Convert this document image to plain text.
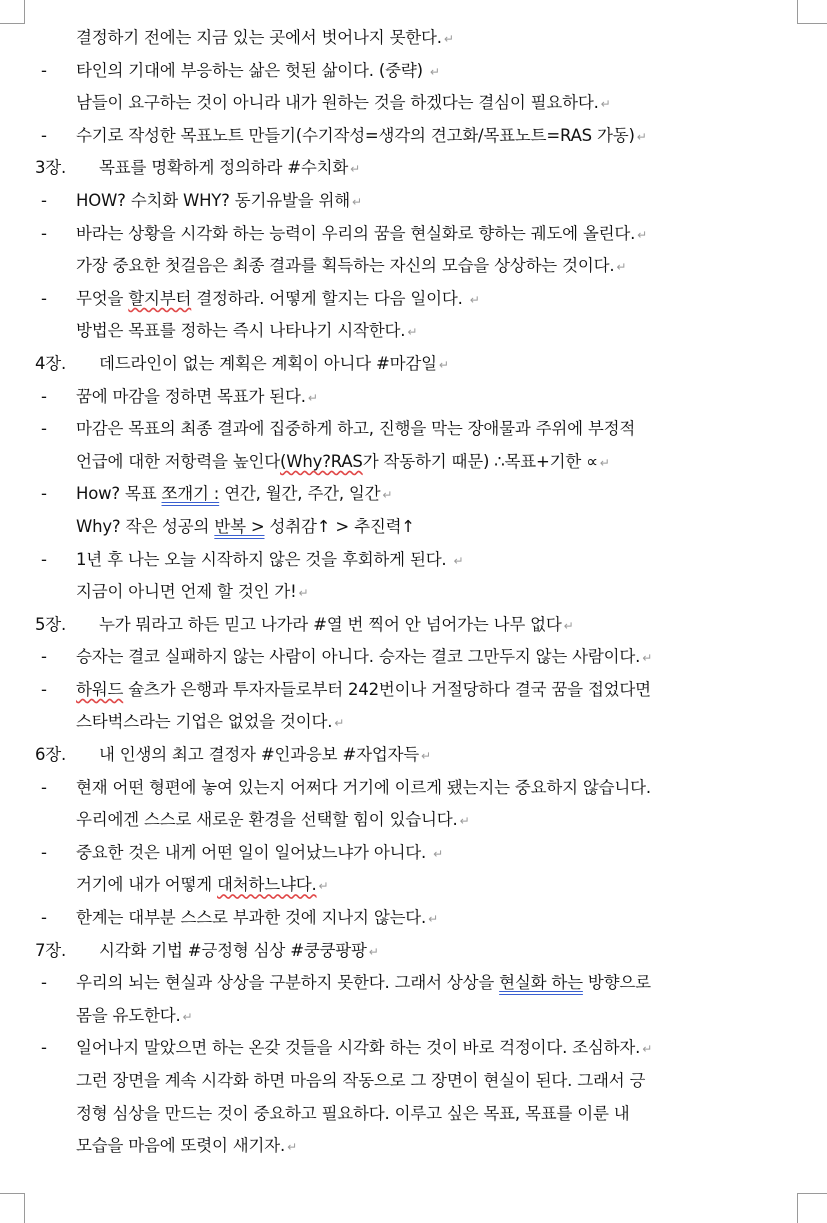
결정하기 전에는 지금 있는 곳에서 벗어나지 못한다. ↵
- 타인의 기대에 부응하는 삶은 헛된 삶이다. (중략) ↵
남들이 요구하는 것이 아니라 내가 원하는 것을 하겠다는 결심이 필요하다. ↵
- 수기로 작성한 목표노트 만들기(수기작성=생각의 견고화/목표노트=RAS 가동) ↵
3장. 목표를 명확하게 정의하라 #수치화 ↵
- HOW? 수치화 WHY? 동기유발을 위해 ↵
- 바라는 상황을 시각화 하는 능력이 우리의 꿈을 현실화로 향하는 궤도에 올린다. ↵
가장 중요한 첫걸음은 최종 결과를 획득하는 자신의 모습을 상상하는 것이다. ↵
- 무엇을 할지부터 결정하라. 어떻게 할지는 다음 일이다. ↵
방법은 목표를 정하는 즉시 나타나기 시작한다. ↵
4장. 데드라인이 없는 계획은 계획이 아니다 #마감일 ↵
- 꿈에 마감을 정하면 목표가 된다. ↵
- 마감은 목표의 최종 결과에 집중하게 하고, 진행을 막는 장애물과 주위에 부정적
언급에 대한 저항력을 높인다(Why?RAS가 작동하기 때문) ∴목표+기한 ∝ ↵
- How? 목표 쪼개기 : 연간, 월간, 주간, 일간 ↵
Why? 작은 성공의 반복 > 성취감↑ > 추진력↑
- 1년 후 나는 오늘 시작하지 않은 것을 후회하게 된다. ↵
지금이 아니면 언제 할 것인 가! ↵
5장. 누가 뭐라고 하든 믿고 나가라 #열 번 찍어 안 넘어가는 나무 없다 ↵
- 승자는 결코 실패하지 않는 사람이 아니다. 승자는 결코 그만두지 않는 사람이다. ↵
- 하워드 슐츠가 은행과 투자자들로부터 242번이나 거절당하다 결국 꿈을 접었다면
스타벅스라는 기업은 없었을 것이다. ↵
6장. 내 인생의 최고 결정자 #인과응보 #자업자득 ↵
- 현재 어떤 형편에 놓여 있는지 어쩌다 거기에 이르게 됐는지는 중요하지 않습니다.
우리에겐 스스로 새로운 환경을 선택할 힘이 있습니다. ↵
- 중요한 것은 내게 어떤 일이 일어났느냐가 아니다. ↵
거기에 내가 어떻게 대처하느냐다. ↵
- 한계는 대부분 스스로 부과한 것에 지나지 않는다. ↵
7장. 시각화 기법 #긍정형 심상 #쿵쿵팡팡 ↵
- 우리의 뇌는 현실과 상상을 구분하지 못한다. 그래서 상상을 현실화 하는 방향으로
몸을 유도한다. ↵
- 일어나지 말았으면 하는 온갖 것들을 시각화 하는 것이 바로 걱정이다. 조심하자. ↵
그런 장면을 계속 시각화 하면 마음의 작동으로 그 장면이 현실이 된다. 그래서 긍
정형 심상을 만드는 것이 중요하고 필요하다. 이루고 싶은 목표, 목표를 이룬 내
모습을 마음에 또렷이 새기자. ↵
